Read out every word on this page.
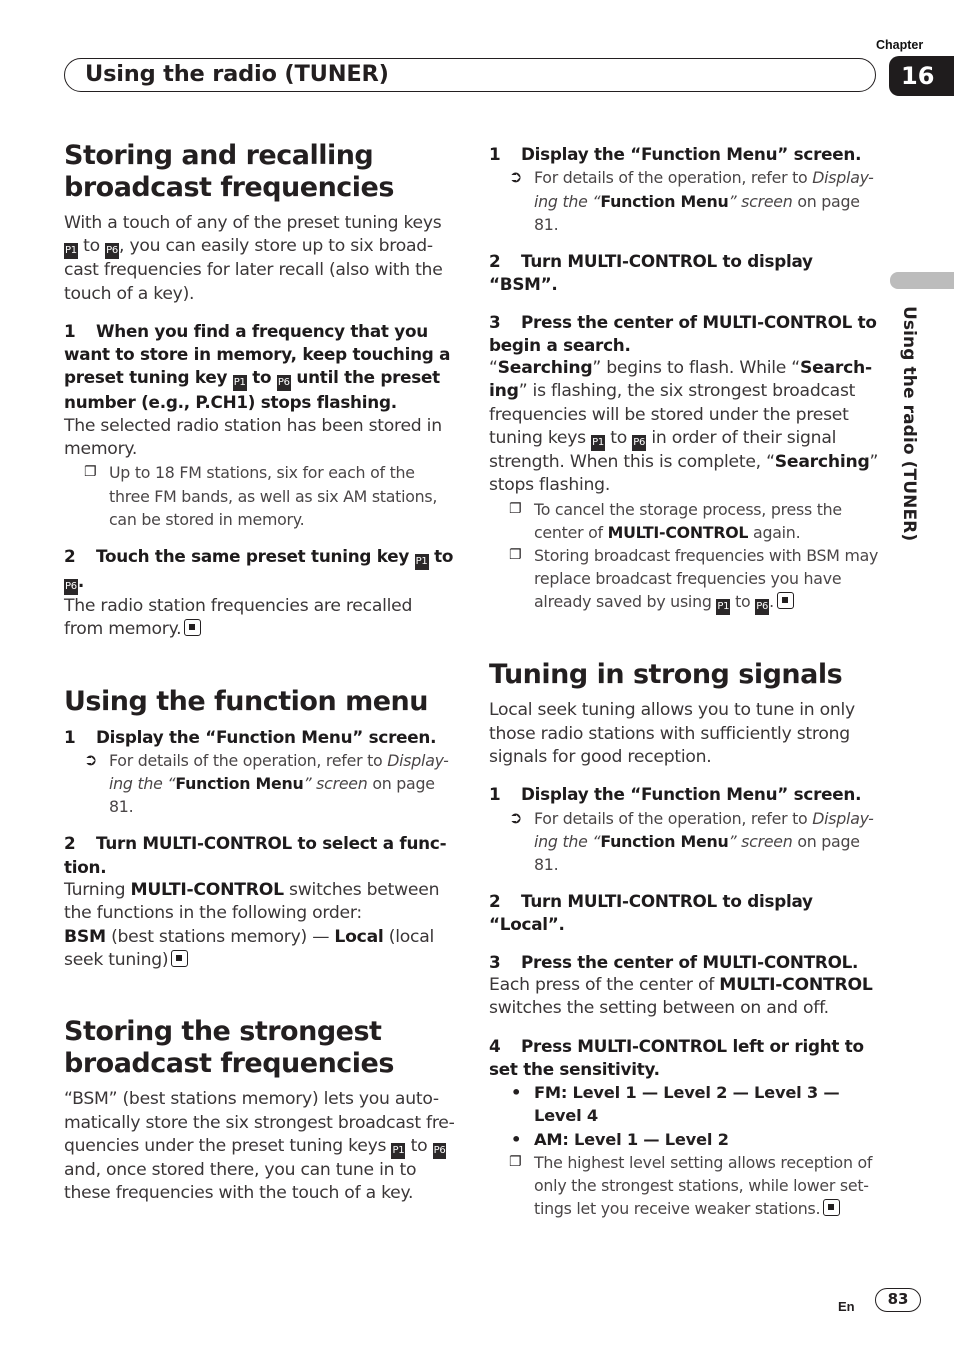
Chapter
16
Using the radio (TUNER)
Using the radio (TUNER)
Storing and recalling broadcast frequencies

With a touch of any of the preset tuning keys
P1 to P6, you can easily store up to six broad-cast frequencies for later recall (also with the touch of a key).

1 When you find a frequency that you want to store in memory, keep touching a preset tuning key P1 to P6 until the preset number (e.g., P.CH1) stops flashing.

The selected radio station has been stored in memory.

❐ Up to 18 FM stations, six for each of the three FM bands, as well as six AM stations, can be stored in memory.
2 Touch the same preset tuning key P1 to
P6.

The radio station frequencies are recalled from memory.

Using the function menu
1 Display the “Function Menu” screen.
➲ For details of the operation, refer to Display-ing the “Function Menu” screen on page 81.
2 Turn MULTI-CONTROL to select a func-tion.

Turning MULTI-CONTROL switches between the functions in the following order:
BSM (best stations memory) — Local (local seek tuning)

Storing the strongest broadcast frequencies

“BSM” (best stations memory) lets you auto-matically store the six strongest broadcast fre-quencies under the preset tuning keys P1 to P6 and, once stored there, you can tune in to these frequencies with the touch of a key.

1 Display the “Function Menu” screen.
➲ For details of the operation, refer to Display-ing the “Function Menu” screen on page 81.
2 Turn MULTI-CONTROL to display “BSM”.
3 Press the center of MULTI-CONTROL to begin a search.

“Searching” begins to flash. While “Search-ing” is flashing, the six strongest broadcast frequencies will be stored under the preset tuning keys P1 to P6 in order of their signal strength. When this is complete, “Searching” stops flashing.

❐ To cancel the storage process, press the center of MULTI-CONTROL again.
❐ Storing broadcast frequencies with BSM may replace broadcast frequencies you have already saved by using P1 to P6.
Tuning in strong signals

Local seek tuning allows you to tune in only those radio stations with sufficiently strong signals for good reception.

1 Display the “Function Menu” screen.
➲ For details of the operation, refer to Display-ing the “Function Menu” screen on page 81.
2 Turn MULTI-CONTROL to display “Local”.
3 Press the center of MULTI-CONTROL.

Each press of the center of MULTI-CONTROL switches the setting between on and off.

4 Press MULTI-CONTROL left or right to set the sensitivity.
• FM: Level 1 — Level 2 — Level 3 — Level 4
• AM: Level 1 — Level 2
❐ The highest level setting allows reception of only the strongest stations, while lower set-tings let you receive weaker stations.
En	83
